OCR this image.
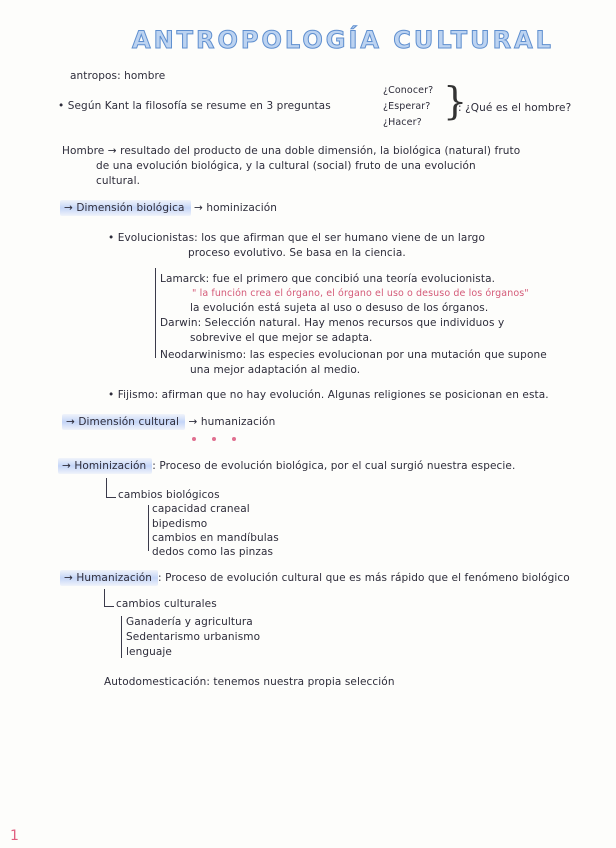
ANTROPOLOGÍA CULTURAL
antropos: hombre
• Según Kant la filosofía se resume en 3 preguntas
¿Conocer?
¿Esperar?
¿Hacer? }
: ¿Qué es el hombre?
Hombre → resultado del producto de una doble dimensión, la biológica (natural) fruto
de una evolución biológica, y la cultural (social) fruto de una evolución
cultural.
→ Dimensión biológica → hominización
• Evolucionistas: los que afirman que el ser humano viene de un largo
proceso evolutivo. Se basa en la ciencia.
Lamarck: fue el primero que concibió una teoría evolucionista.
" la función crea el órgano, el órgano el uso o desuso de los órganos"
la evolución está sujeta al uso o desuso de los órganos.
Darwin: Selección natural. Hay menos recursos que individuos y
sobrevive el que mejor se adapta.
Neodarwinismo: las especies evolucionan por una mutación que supone
una mejor adaptación al medio.
• Fijismo: afirman que no hay evolución. Algunas religiones se posicionan en esta.
→ Dimensión cultural → humanización
→ Hominización : Proceso de evolución biológica, por el cual surgió nuestra especie.
cambios biológicos
capacidad craneal
bipedismo
cambios en mandíbulas
dedos como las pinzas
→ Humanización : Proceso de evolución cultural que es más rápido que el fenómeno biológico
cambios culturales
Ganadería y agricultura
Sedentarismo urbanismo
lenguaje
Autodomesticación: tenemos nuestra propia selección
1
